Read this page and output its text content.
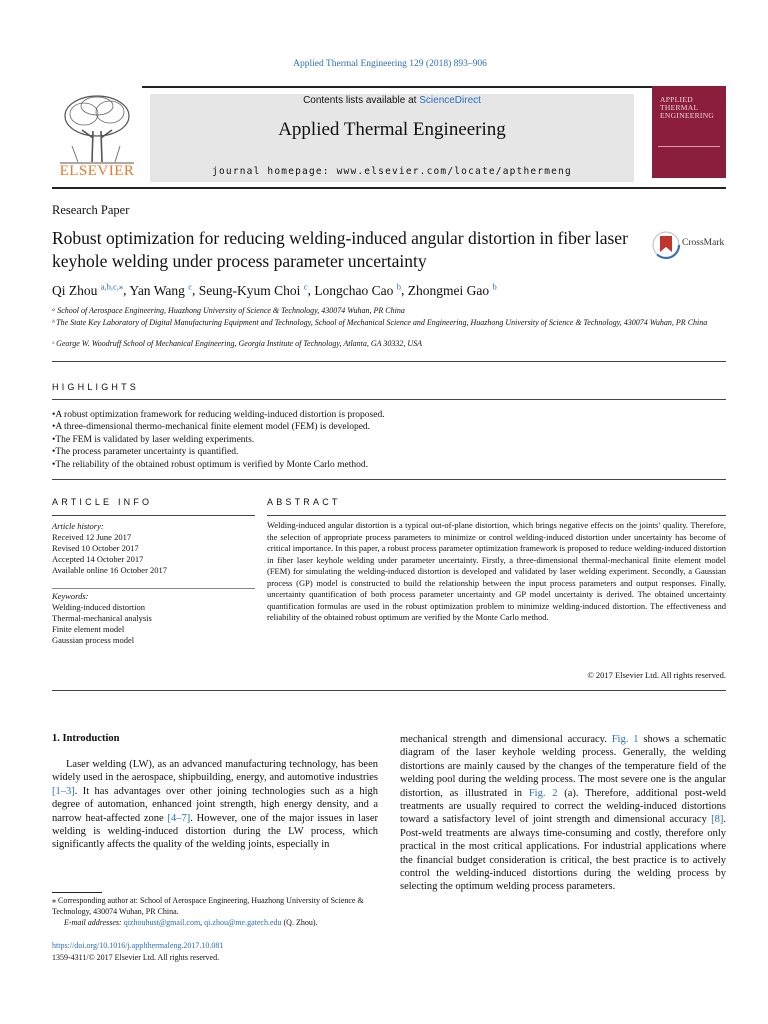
Applied Thermal Engineering 129 (2018) 893–906
ELSEVIER
Contents lists available at ScienceDirect
Applied Thermal Engineering
journal homepage: www.elsevier.com/locate/apthermeng
APPLIED
THERMAL
ENGINEERING
Research Paper
Robust optimization for reducing welding-induced angular distortion in fiber laser keyhole welding under process parameter uncertainty
CrossMark
Qi Zhou $^{a,b,c,⁎}$, Yan Wang $^c$, Seung-Kyum Choi $^c$, Longchao Cao $^b$, Zhongmei Gao $^b$
ᵃ School of Aerospace Engineering, Huazhong University of Science & Technology, 430074 Wuhan, PR China
ᵇ The State Key Laboratory of Digital Manufacturing Equipment and Technology, School of Mechanical Science and Engineering, Huazhong University of Science & Technology, 430074 Wuhan, PR China
ᶜ George W. Woodruff School of Mechanical Engineering, Georgia Institute of Technology, Atlanta, GA 30332, USA
HIGHLIGHTS
• A robust optimization framework for reducing welding-induced distortion is proposed.
• A three-dimensional thermo-mechanical finite element model (FEM) is developed.
• The FEM is validated by laser welding experiments.
• The process parameter uncertainty is quantified.
• The reliability of the obtained robust optimum is verified by Monte Carlo method.
ARTICLE INFO	ABSTRACT
Article history:
Received 12 June 2017
Revised 10 October 2017
Accepted 14 October 2017
Available online 16 October 2017
Keywords:
Welding-induced distortion
Thermal-mechanical analysis
Finite element model
Gaussian process model
Welding-induced angular distortion is a typical out-of-plane distortion, which brings negative effects on the joints’ quality. Therefore, the selection of appropriate process parameters to minimize or control welding-induced distortion under uncertainty has become of critical importance. In this paper, a robust process parameter optimization framework is proposed to reduce welding-induced distortion in fiber laser keyhole welding under parameter uncertainty. Firstly, a three-dimensional thermal-mechanical finite element model (FEM) for simulating the welding-induced distortion is developed and validated by laser welding experiment. Secondly, a Gaussian process (GP) model is constructed to build the relationship between the input process parameters and output responses. Finally, uncertainty quantification of both process parameter uncertainty and GP model uncertainty is derived. The obtained uncertainty quantification formulas are used in the robust optimization problem to minimize welding-induced distortion. The effectiveness and reliability of the obtained robust optimum are verified by the Monte Carlo method.
© 2017 Elsevier Ltd. All rights reserved.
1. Introduction
Laser welding (LW), as an advanced manufacturing technology, has been widely used in the aerospace, shipbuilding, energy, and automotive industries [1–3]. It has advantages over other joining technologies such as a high degree of automation, enhanced joint strength, high energy density, and a narrow heat-affected zone [4–7]. However, one of the major issues in laser welding is welding-induced distortion during the LW process, which significantly affects the quality of the welding joints, especially in
mechanical strength and dimensional accuracy. Fig. 1 shows a schematic diagram of the laser keyhole welding process. Generally, the welding distortions are mainly caused by the changes of the temperature field of the welding pool during the welding process. The most severe one is the angular distortion, as illustrated in Fig. 2 (a). Therefore, additional post-weld treatments are usually required to correct the welding-induced distortions toward a satisfactory level of joint strength and dimensional accuracy [8]. Post-weld treatments are always time-consuming and costly, therefore only practical in the most critical applications. For industrial applications where the financial budget consideration is critical, the best practice is to actively control the welding-induced distortions during the welding process by selecting the optimum welding process parameters.
⁎ Corresponding author at: School of Aerospace Engineering, Huazhong University of Science & Technology, 430074 Wuhan, PR China.
E-mail addresses: qizhouhust@gmail.com, qi.zhou@me.gatech.edu (Q. Zhou).
https://doi.org/10.1016/j.applthermaleng.2017.10.081
1359-4311/© 2017 Elsevier Ltd. All rights reserved.
